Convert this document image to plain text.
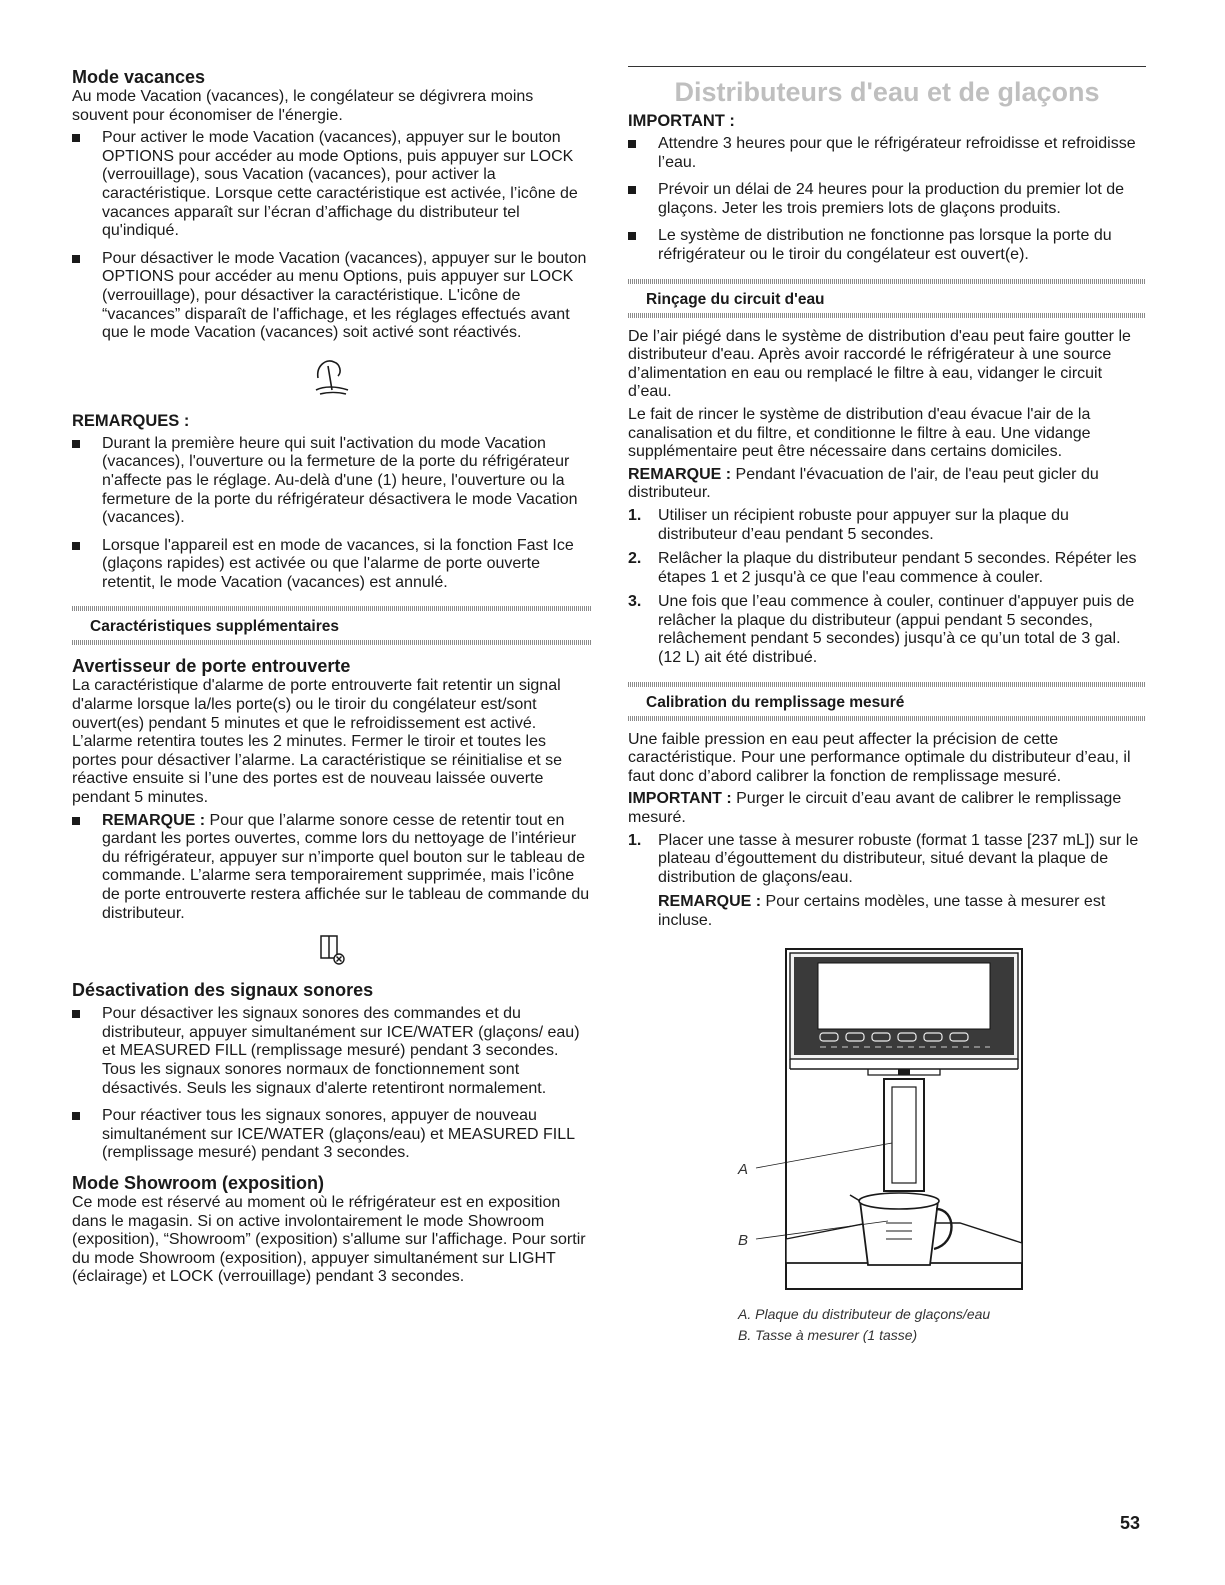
Mode vacances

Au mode Vacation (vacances), le congélateur se dégivrera moins souvent pour économiser de l'énergie.

Pour activer le mode Vacation (vacances), appuyer sur le bouton OPTIONS pour accéder au mode Options, puis appuyer sur LOCK (verrouillage), sous Vacation (vacances), pour activer la caractéristique. Lorsque cette caractéristique est activée, l’icône de vacances apparaît sur l’écran d’affichage du distributeur tel qu'indiqué.
Pour désactiver le mode Vacation (vacances), appuyer sur le bouton OPTIONS pour accéder au menu Options, puis appuyer sur LOCK (verrouillage), pour désactiver la caractéristique. L'icône de “vacances” disparaît de l'affichage, et les réglages effectués avant que le mode Vacation (vacances) soit activé sont réactivés.
REMARQUES :
Durant la première heure qui suit l'activation du mode Vacation (vacances), l'ouverture ou la fermeture de la porte du réfrigérateur n'affecte pas le réglage. Au-delà d'une (1) heure, l'ouverture ou la fermeture de la porte du réfrigérateur désactivera le mode Vacation (vacances).
Lorsque l'appareil est en mode de vacances, si la fonction Fast Ice (glaçons rapides) est activée ou que l'alarme de porte ouverte retentit, le mode Vacation (vacances) est annulé.
Caractéristiques supplémentaires
Avertisseur de porte entrouverte

La caractéristique d'alarme de porte entrouverte fait retentir un signal d'alarme lorsque la/les porte(s) ou le tiroir du congélateur est/sont ouvert(es) pendant 5 minutes et que le refroidissement est activé. L’alarme retentira toutes les 2 minutes. Fermer le tiroir et toutes les portes pour désactiver l’alarme. La caractéristique se réinitialise et se réactive ensuite si l’une des portes est de nouveau laissée ouverte pendant 5 minutes.

REMARQUE : Pour que l’alarme sonore cesse de retentir tout en gardant les portes ouvertes, comme lors du nettoyage de l’intérieur du réfrigérateur, appuyer sur n’importe quel bouton sur le tableau de commande. L’alarme sera temporairement supprimée, mais l’icône de porte entrouverte restera affichée sur le tableau de commande du distributeur.
Désactivation des signaux sonores
Pour désactiver les signaux sonores des commandes et du distributeur, appuyer simultanément sur ICE/WATER (glaçons/ eau) et MEASURED FILL (remplissage mesuré) pendant 3 secondes. Tous les signaux sonores normaux de fonctionnement sont désactivés. Seuls les signaux d'alerte retentiront normalement.
Pour réactiver tous les signaux sonores, appuyer de nouveau simultanément sur ICE/WATER (glaçons/eau) et MEASURED FILL (remplissage mesuré) pendant 3 secondes.
Mode Showroom (exposition)

Ce mode est réservé au moment où le réfrigérateur est en exposition dans le magasin. Si on active involontairement le mode Showroom (exposition), “Showroom” (exposition) s'allume sur l'affichage. Pour sortir du mode Showroom (exposition), appuyer simultanément sur LIGHT (éclairage) et LOCK (verrouillage) pendant 3 secondes.

Distributeurs d'eau et de glaçons
IMPORTANT :
Attendre 3 heures pour que le réfrigérateur refroidisse et refroidisse l’eau.
Prévoir un délai de 24 heures pour la production du premier lot de glaçons. Jeter les trois premiers lots de glaçons produits.
Le système de distribution ne fonctionne pas lorsque la porte du réfrigérateur ou le tiroir du congélateur est ouvert(e).
Rinçage du circuit d'eau

De l’air piégé dans le système de distribution d'eau peut faire goutter le distributeur d'eau. Après avoir raccordé le réfrigérateur à une source d’alimentation en eau ou remplacé le filtre à eau, vidanger le circuit d’eau.

Le fait de rincer le système de distribution d'eau évacue l'air de la canalisation et du filtre, et conditionne le filtre à eau. Une vidange supplémentaire peut être nécessaire dans certains domiciles.

REMARQUE : Pendant l'évacuation de l'air, de l'eau peut gicler du distributeur.

1. Utiliser un récipient robuste pour appuyer sur la plaque du distributeur d’eau pendant 5 secondes.
2. Relâcher la plaque du distributeur pendant 5 secondes. Répéter les étapes 1 et 2 jusqu'à ce que l'eau commence à couler.
3. Une fois que l’eau commence à couler, continuer d'appuyer puis de relâcher la plaque du distributeur (appui pendant 5 secondes, relâchement pendant 5 secondes) jusqu’à ce qu’un total de 3 gal. (12 L) ait été distribué.
Calibration du remplissage mesuré

Une faible pression en eau peut affecter la précision de cette caractéristique. Pour une performance optimale du distributeur d’eau, il faut donc d’abord calibrer la fonction de remplissage mesuré.

IMPORTANT : Purger le circuit d’eau avant de calibrer le remplissage mesuré.

1. Placer une tasse à mesurer robuste (format 1 tasse [237 mL]) sur le plateau d’égouttement du distributeur, situé devant la plaque de distribution de glaçons/eau.

REMARQUE : Pour certains modèles, une tasse à mesurer est incluse.

A
B
A. Plaque du distributeur de glaçons/eau
B. Tasse à mesurer (1 tasse)
53
